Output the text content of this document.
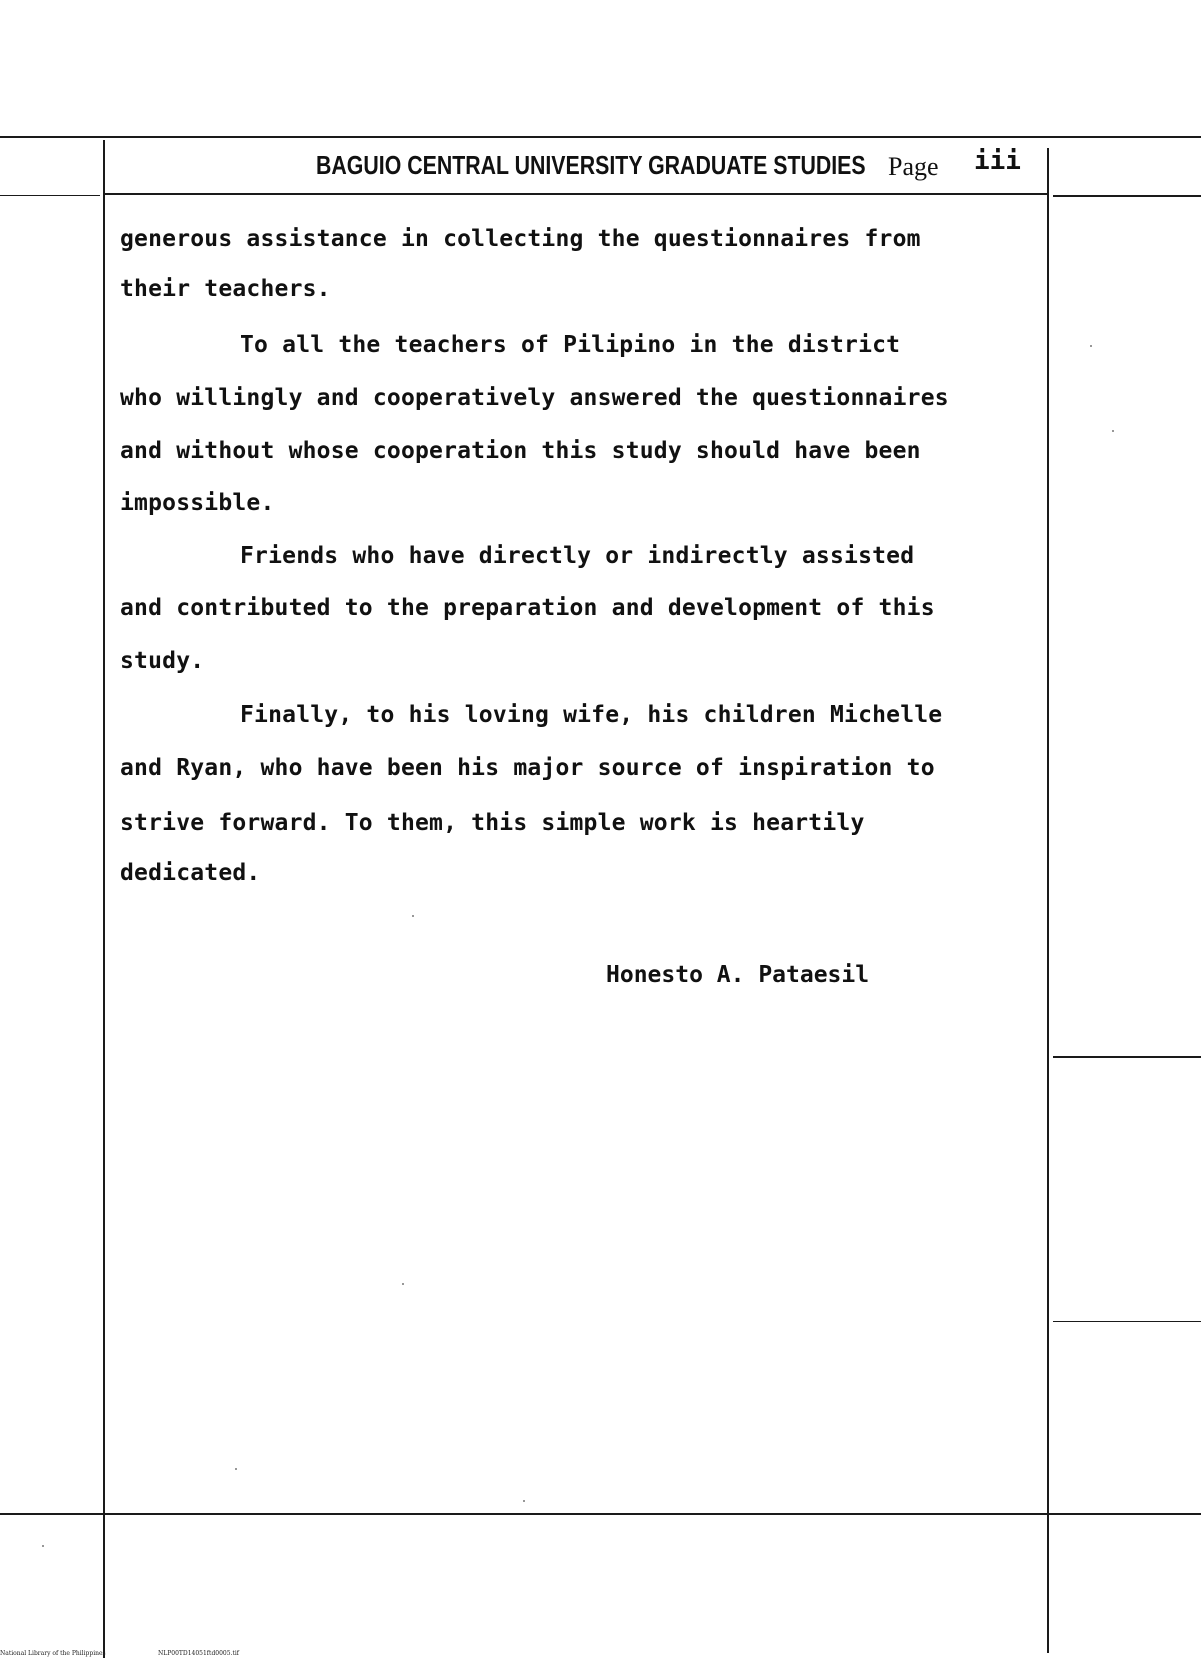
BAGUIO CENTRAL UNIVERSITY GRADUATE STUDIES Page iii
generous assistance in collecting the questionnaires from
their teachers.
To all the teachers of Pilipino in the district
who willingly and cooperatively answered the questionnaires
and without whose cooperation this study should have been
impossible.
Friends who have directly or indirectly assisted
and contributed to the preparation and development of this
study.
Finally, to his loving wife, his children Michelle
and Ryan, who have been his major source of inspiration to
strive forward. To them, this simple work is heartily
dedicated.
Honesto A. Pataesil
National Library of the Philippines	NLP00TD14051ftd0005.tif
